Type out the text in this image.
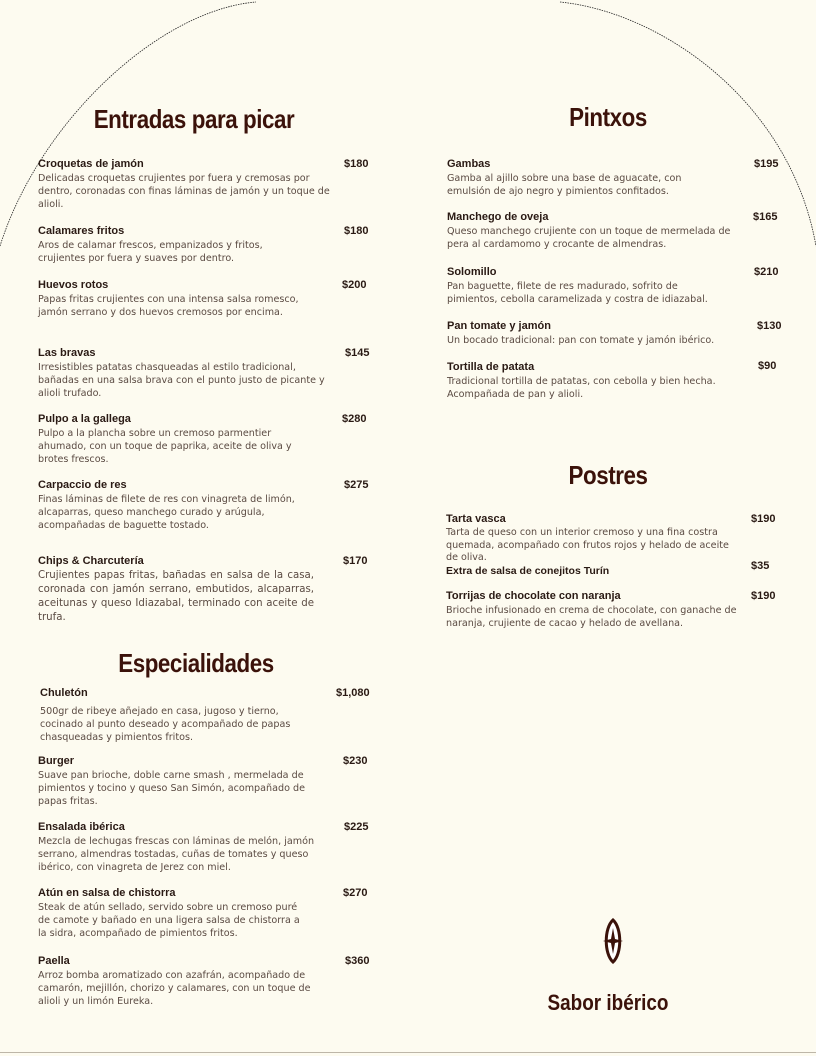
Entradas para picar
Croquetas de jamón	$180
Delicadas croquetas crujientes por fuera y cremosas por dentro, coronadas con finas láminas de jamón y un toque de alioli.
Calamares fritos	$180
Aros de calamar frescos, empanizados y fritos, crujientes por fuera y suaves por dentro.
Huevos rotos	$200
Papas fritas crujientes con una intensa salsa romesco, jamón serrano y dos huevos cremosos por encima.
Las bravas	$145
Irresistibles patatas chasqueadas al estilo tradicional, bañadas en una salsa brava con el punto justo de picante y alioli trufado.
Pulpo a la gallega	$280
Pulpo a la plancha sobre un cremoso parmentier ahumado, con un toque de paprika, aceite de oliva y brotes frescos.
Carpaccio de res	$275
Finas láminas de filete de res con vinagreta de limón, alcaparras, queso manchego curado y arúgula, acompañadas de baguette tostado.
Chips & Charcutería	$170
Crujientes papas fritas, bañadas en salsa de la casa, coronada con jamón serrano, embutidos, alcaparras, aceitunas y queso Idiazabal, terminado con aceite de trufa.
Especialidades
Chuletón	$1,080
500gr de ribeye añejado en casa, jugoso y tierno, cocinado al punto deseado y acompañado de papas chasqueadas y pimientos fritos.
Burger	$230
Suave pan brioche, doble carne smash , mermelada de pimientos y tocino y queso San Simón, acompañado de papas fritas.
Ensalada ibérica	$225
Mezcla de lechugas frescas con láminas de melón, jamón serrano, almendras tostadas, cuñas de tomates y queso ibérico, con vinagreta de Jerez con miel.
Atún en salsa de chistorra	$270
Steak de atún sellado, servido sobre un cremoso puré de camote y bañado en una ligera salsa de chistorra a la sidra, acompañado de pimientos fritos.
Paella	$360
Arroz bomba aromatizado con azafrán, acompañado de camarón, mejillón, chorizo y calamares, con un toque de alioli y un limón Eureka.
Pintxos
Gambas	$195
Gamba al ajillo sobre una base de aguacate, con emulsión de ajo negro y pimientos confitados.
Manchego de oveja	$165
Queso manchego crujiente con un toque de mermelada de pera al cardamomo y crocante de almendras.
Solomillo	$210
Pan baguette, filete de res madurado, sofrito de pimientos, cebolla caramelizada y costra de idiazabal.
Pan tomate y jamón	$130
Un bocado tradicional: pan con tomate y jamón ibérico.
Tortilla de patata	$90
Tradicional tortilla de patatas, con cebolla y bien hecha. Acompañada de pan y alioli.
Postres
Tarta vasca	$190
Tarta de queso con un interior cremoso y una fina costra quemada, acompañado con frutos rojos y helado de aceite de oliva.
Extra de salsa de conejitos Turín	$35
Torrijas de chocolate con naranja	$190
Brioche infusionado en crema de chocolate, con ganache de naranja, crujiente de cacao y helado de avellana.
Sabor ibérico
